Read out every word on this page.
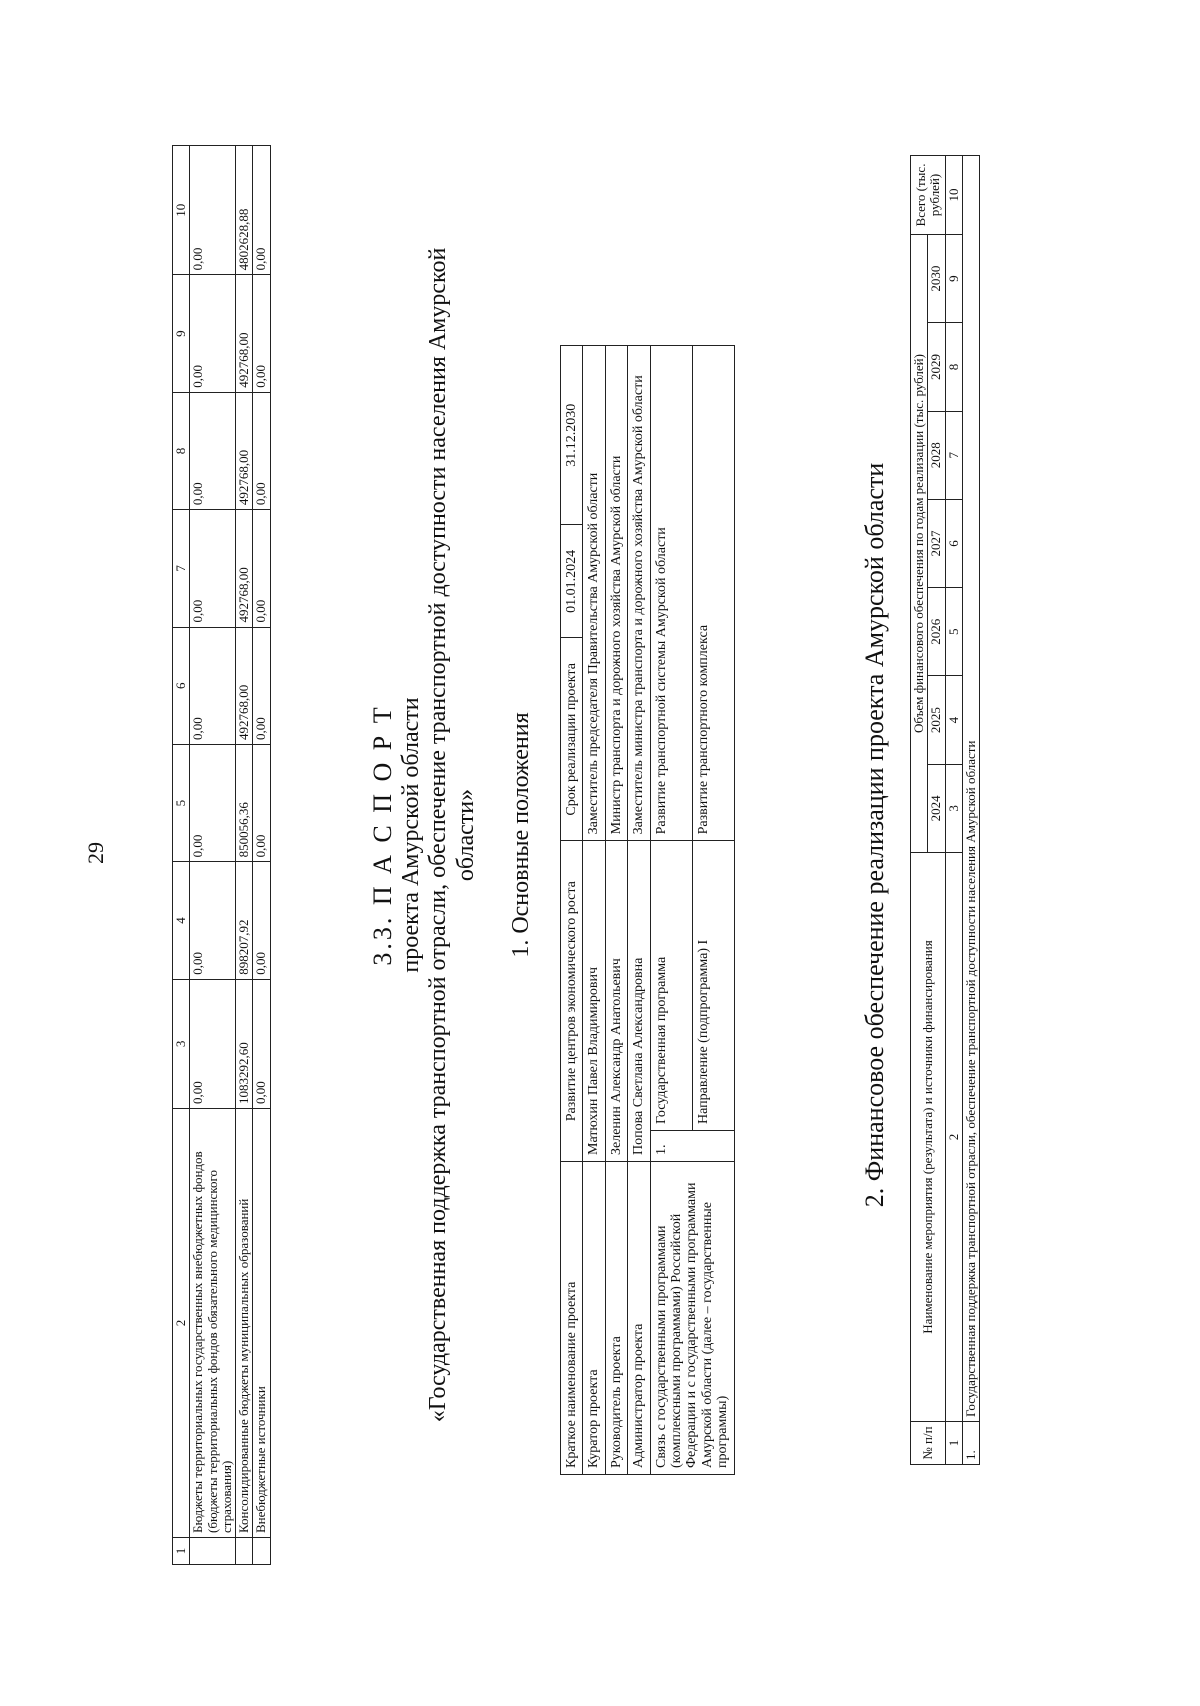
29
1	2	3	4	5	6	7	8	9	10
	Бюджеты территориальных государственных внебюджетных фондов (бюджеты территориальных фондов обязательного медицинского страхования)	0,00	0,00	0,00	0,00	0,00	0,00	0,00	0,00
	Консолидированные бюджеты муниципальных образований	1083292,60	898207,92	850056,36	492768,00	492768,00	492768,00	492768,00	4802628,88
	Внебюджетные источники	0,00	0,00	0,00	0,00	0,00	0,00	0,00	0,00
3.3. П А С П О Р Т проекта Амурской области «Государственная поддержка транспортной отрасли, обеспечение транспортной доступности населения Амурской области» 1. Основные положения
Краткое наименование проекта	Развитие центров экономического роста		Срок реализации проекта	01.01.2024	31.12.2030
Куратор проекта	Матюхин Павел Владимирович		Заместитель председателя Правительства Амурской области		
Руководитель проекта	Зеленин Александр Анатольевич		Министр транспорта и дорожного хозяйства Амурской области		
Администратор проекта	Попова Светлана Александровна		Заместитель министра транспорта и дорожного хозяйства Амурской области		
Связь с государственными программами (комплексными программами) Российской Федерации и с государственными программами Амурской области (далее – государственные программы)	1.	Государственная программа	Развитие транспортной системы Амурской области		
		Направление (подпрограмма) I	Развитие транспортного комплекса			2. Финансовое обеспечение реализации проекта Амурской области
№ п/п	Наименование мероприятия (результата) и источники финансирования	Объем финансового обеспечения по годам реализации (тыс. рублей)							Всего (тыс. рублей)
		2024	2025	2026	2027	2028	2029	2030	
1	2	3	4	5	6	7	8	9	10
1.	Государственная поддержка транспортной отрасли, обеспечение транспортной доступности населения Амурской области								
